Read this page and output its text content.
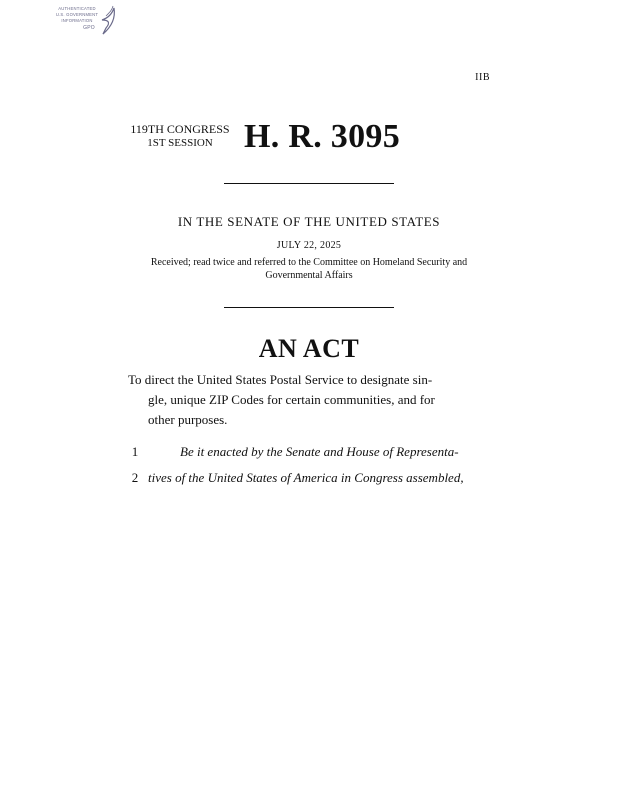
AUTHENTICATED
U.S. GOVERNMENT
INFORMATION
GPO
IIB
119TH CONGRESS
1ST SESSION H. R. 3095
IN THE SENATE OF THE UNITED STATES
JULY 22, 2025
Received; read twice and referred to the Committee on Homeland Security and Governmental Affairs
AN ACT
To direct the United States Postal Service to designate sin-
gle, unique ZIP Codes for certain communities, and for
other purposes.
1	Be it enacted by the Senate and House of Representa-
2 tives of the United States of America in Congress assembled,
